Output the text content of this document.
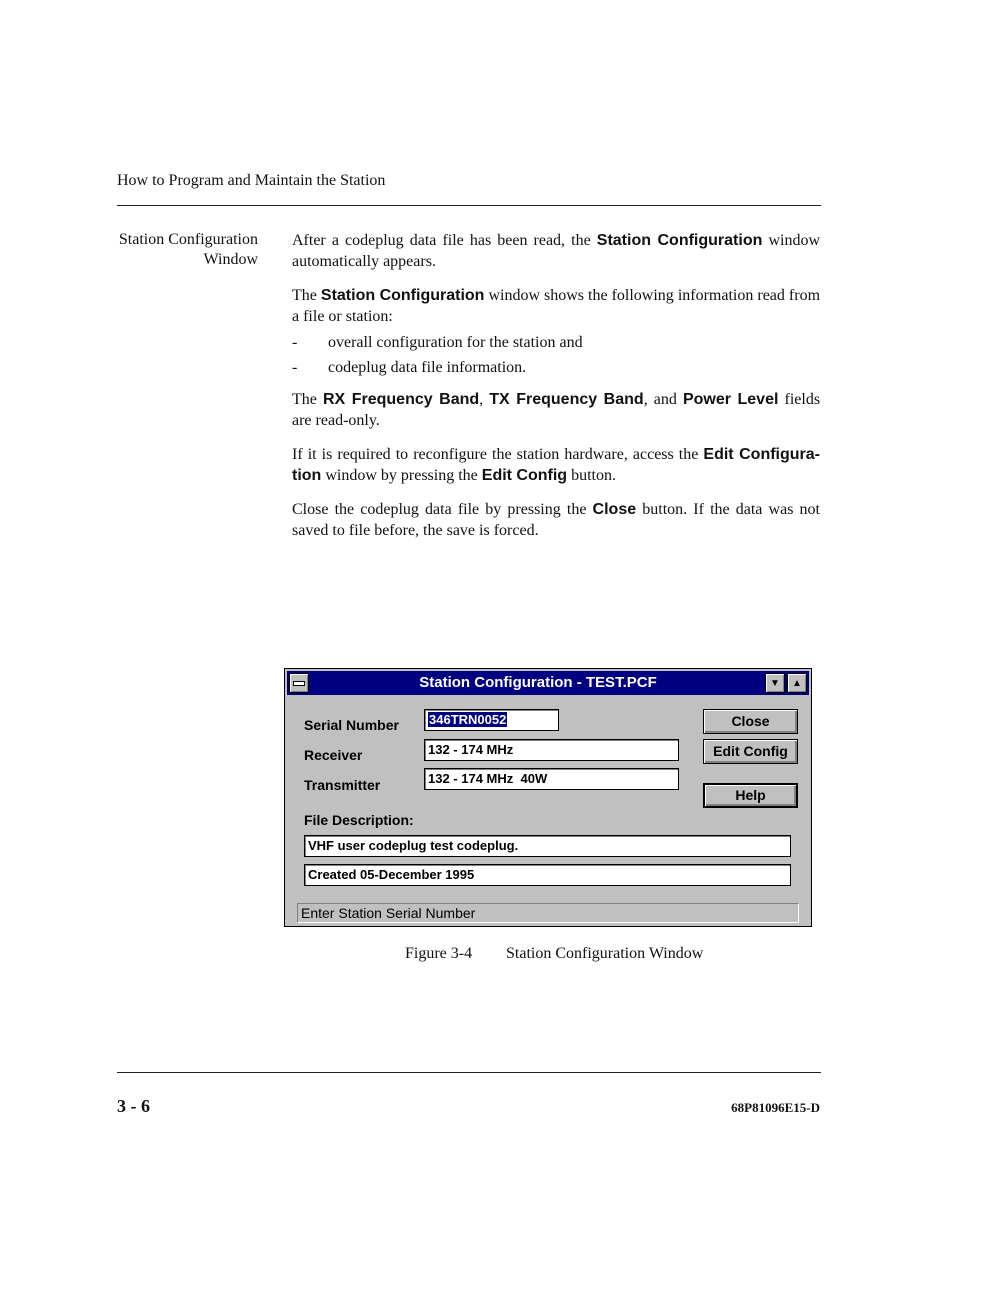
How to Program and Maintain the Station
Station Configuration
Window

After a codeplug data file has been read, the Station Configuration window automatically appears.

The Station Configuration window shows the following information read from a file or station:

- overall configuration for the station and
- codeplug data file information.

The RX Frequency Band, TX Frequency Band, and Power Level fields are read-only.

If it is required to reconfigure the station hardware, access the Edit Configura-tion window by pressing the Edit Config button.

Close the codeplug data file by pressing the Close button. If the data was not saved to file before, the save is forced.

Station Configuration - TEST.PCF	▼ ▲
Serial Number	346TRN0052
Receiver	132 - 174 MHz
Transmitter	132 - 174 MHz  40W
Close
Edit Config
Help
File Description:
VHF user codeplug test codeplug.
Created 05-December 1995
Enter Station Serial Number
Figure 3-4 Station Configuration Window
3 - 6	68P81096E15-D
